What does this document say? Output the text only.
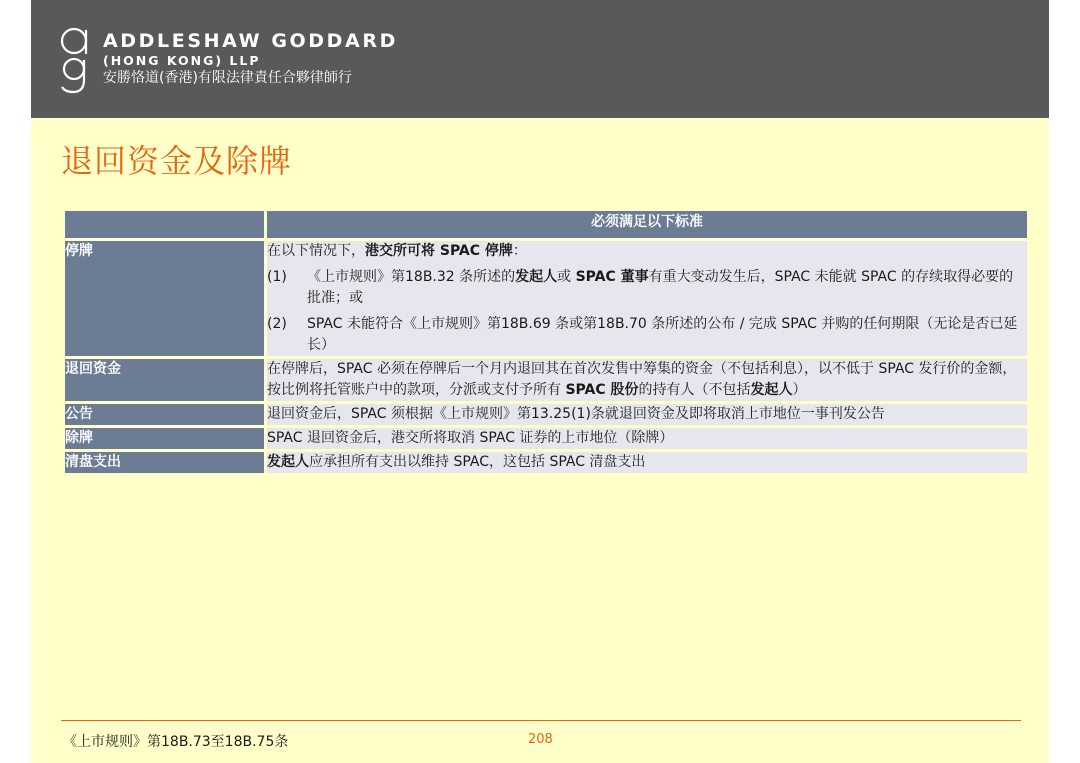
ADDLESHAW GODDARD
(HONG KONG) LLP
安勝恪道(香港)有限法律責任合夥律師行
退回资金及除牌
	必须满足以下标准
停牌	在以下情况下，港交所可将 SPAC 停牌：
(1) 《上市规则》第18B.32 条所述的发起人或 SPAC 董事有重大变动发生后，SPAC 未能就 SPAC 的存续取得必要的批准；或
(2) SPAC 未能符合《上市规则》第18B.69 条或第18B.70 条所述的公布 / 完成 SPAC 并购的任何期限（无论是否已延长）

退回资金	在停牌后，SPAC 必须在停牌后一个月内退回其在首次发售中筹集的资金（不包括利息），以不低于 SPAC 发行价的金额，按比例将托管账户中的款项，分派或支付予所有 SPAC 股份的持有人（不包括发起人）
公告	退回资金后，SPAC 须根据《上市规则》第13.25(1)条就退回资金及即将取消上市地位一事刊发公告
除牌	SPAC 退回资金后，港交所将取消 SPAC 证券的上市地位（除牌）
清盘支出	发起人应承担所有支出以维持 SPAC，这包括 SPAC 清盘支出
《上市规则》第18B.73至18B.75条	208
